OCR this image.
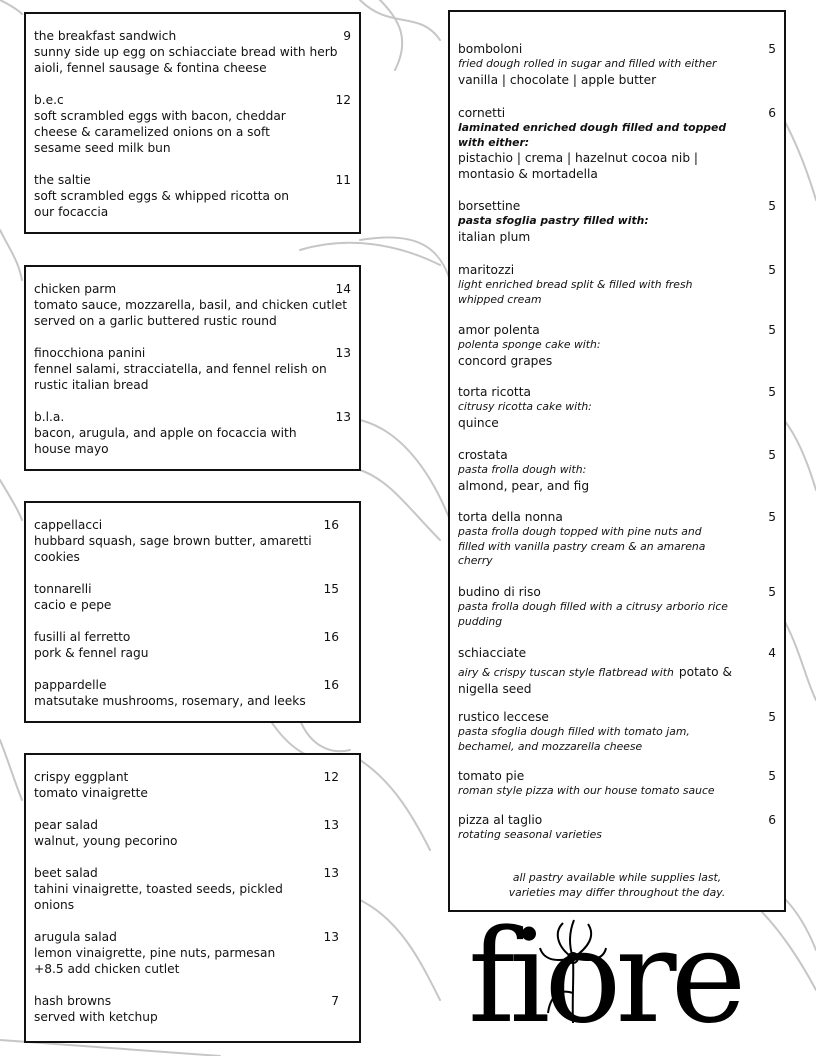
the breakfast sandwich	9
sunny side up egg on schiacciate bread with herb aioli, fennel sausage & fontina cheese
b.e.c	12
soft scrambled eggs with bacon, cheddar cheese & caramelized onions on a soft sesame seed milk bun
the saltie	11
soft scrambled eggs & whipped ricotta on our focaccia
chicken parm	14
tomato sauce, mozzarella, basil, and chicken cutlet served on a garlic buttered rustic round
finocchiona panini	13
fennel salami, stracciatella, and fennel relish on rustic italian bread
b.l.a.	13
bacon, arugula, and apple on focaccia with house mayo
cappellacci	16
hubbard squash, sage brown butter, amaretti cookies
tonnarelli	15
cacio e pepe
fusilli al ferretto	16
pork & fennel ragu
pappardelle	16
matsutake mushrooms, rosemary, and leeks
crispy eggplant	12
tomato vinaigrette
pear salad	13
walnut, young pecorino
beet salad	13
tahini vinaigrette, toasted seeds, pickled onions
arugula salad	13
lemon vinaigrette, pine nuts, parmesan
+8.5 add chicken cutlet
hash browns	7
served with ketchup
bomboloni	5
fried dough rolled in sugar and filled with either
vanilla | chocolate | apple butter
cornetti	6
laminated enriched dough filled and topped with either:
pistachio | crema | hazelnut cocoa nib | montasio & mortadella
borsettine	5
pasta sfoglia pastry filled with:
italian plum
maritozzi	5
light enriched bread split & filled with fresh whipped cream
amor polenta	5
polenta sponge cake with:
concord grapes
torta ricotta	5
citrusy ricotta cake with:
quince
crostata	5
pasta frolla dough with:
almond, pear, and fig
torta della nonna	5
pasta frolla dough topped with pine nuts and filled with vanilla pastry cream & an amarena cherry
budino di riso	5
pasta frolla dough filled with a citrusy arborio rice pudding
schiacciate	4
airy & crispy tuscan style flatbread with potato &
nigella seed
rustico leccese	5
pasta sfoglia dough filled with tomato jam, bechamel, and mozzarella cheese
tomato pie	5
roman style pizza with our house tomato sauce
pizza al taglio	6
rotating seasonal varieties
all pastry available while supplies last, varieties may differ throughout the day.
fiore
